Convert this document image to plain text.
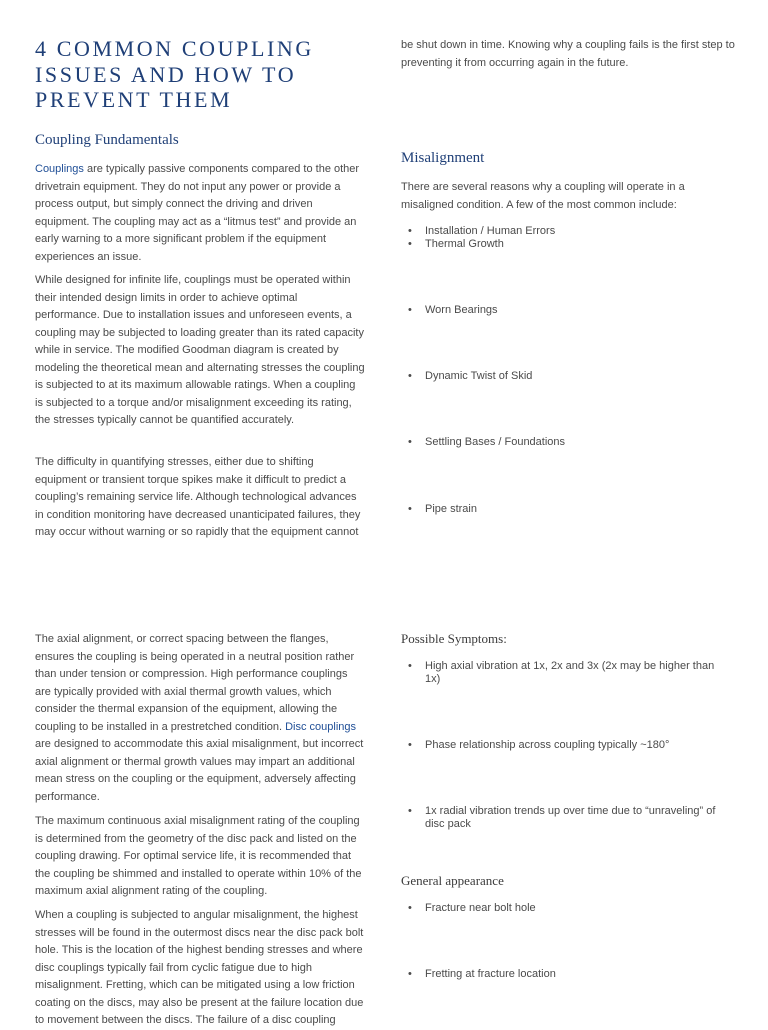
4 COMMON COUPLING ISSUES AND HOW TO PREVENT THEM
Coupling Fundamentals

Couplings are typically passive components compared to the other drivetrain equipment. They do not input any power or provide a process output, but simply connect the driving and driven equipment. The coupling may act as a “litmus test” and provide an early warning to a more significant problem if the equipment experiences an issue.

While designed for infinite life, couplings must be operated within their intended design limits in order to achieve optimal performance. Due to installation issues and unforeseen events, a coupling may be subjected to loading greater than its rated capacity while in service. The modified Goodman diagram is created by modeling the theoretical mean and alternating stresses the coupling is subjected to at its maximum allowable ratings. When a coupling is subjected to a torque and/or misalignment exceeding its rating, the stresses typically cannot be quantified accurately.

The difficulty in quantifying stresses, either due to shifting equipment or transient torque spikes make it difficult to predict a coupling’s remaining service life. Although technological advances in condition monitoring have decreased unanticipated failures, they may occur without warning or so rapidly that the equipment cannot

be shut down in time. Knowing why a coupling fails is the first step to preventing it from occurring again in the future.

Misalignment

There are several reasons why a coupling will operate in a misaligned condition. A few of the most common include:

• Installation / Human Errors
• Thermal Growth
• Worn Bearings
• Dynamic Twist of Skid
• Settling Bases / Foundations
• Pipe strain

The axial alignment, or correct spacing between the flanges, ensures the coupling is being operated in a neutral position rather than under tension or compression. High performance couplings are typically provided with axial thermal growth values, which consider the thermal expansion of the equipment, allowing the coupling to be installed in a prestretched condition. Disc couplings are designed to accommodate this axial misalignment, but incorrect axial alignment or thermal growth values may impart an additional mean stress on the coupling or the equipment, adversely affecting performance.

The maximum continuous axial misalignment rating of the coupling is determined from the geometry of the disc pack and listed on the coupling drawing. For optimal service life, it is recommended that the coupling be shimmed and installed to operate within 10% of the maximum axial alignment rating of the coupling.

When a coupling is subjected to angular misalignment, the highest stresses will be found in the outermost discs near the disc pack bolt hole. This is the location of the highest bending stresses and where disc couplings typically fail from cyclic fatigue due to high misalignment. Fretting, which can be mitigated using a low friction coating on the discs, may also be present at the failure location due to movement between the discs. The failure of a disc coupling

Possible Symptoms:
• High axial vibration at 1x, 2x and 3x (2x may be higher than 1x)
• Phase relationship across coupling typically ~180°
• 1x radial vibration trends up over time due to “unraveling” of disc pack
General appearance
• Fracture near bolt hole
• Fretting at fracture location
